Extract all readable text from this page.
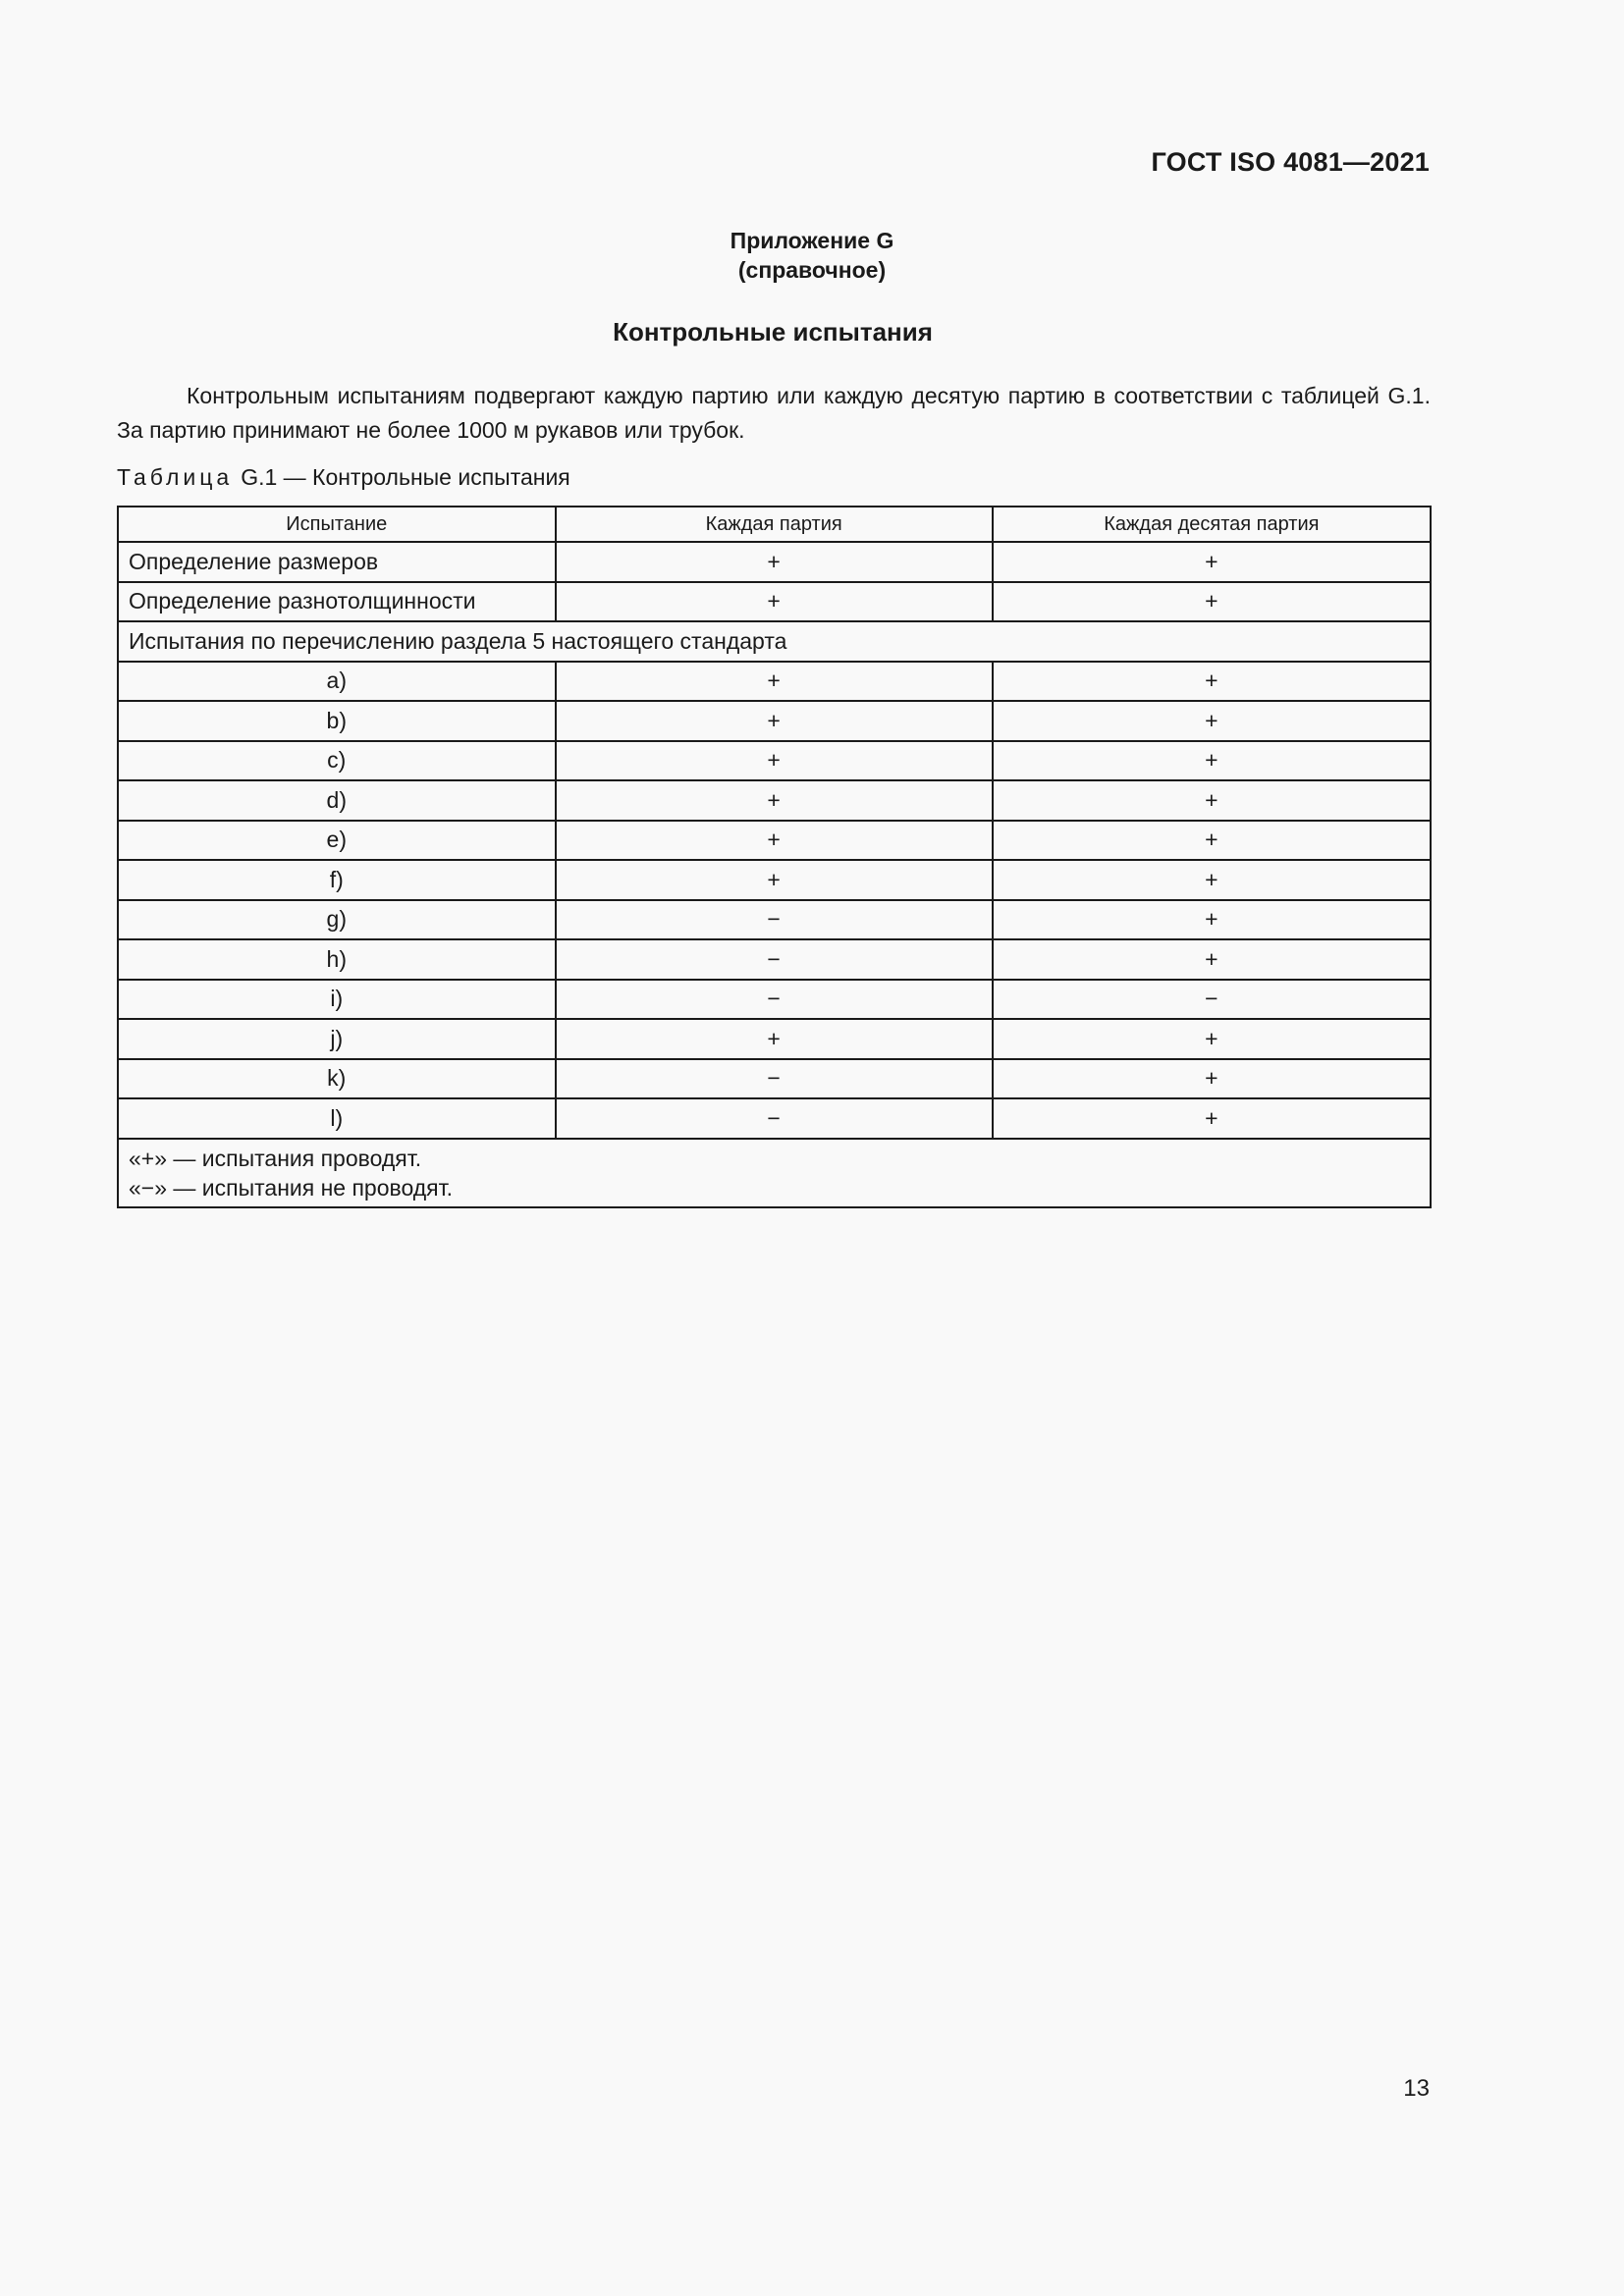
ГОСТ ISO 4081—2021
Приложение G
(справочное)
Контрольные испытания
Контрольным испытаниям подвергают каждую партию или каждую десятую партию в соответствии с таблицей G.1. За партию принимают не более 1000 м рукавов или трубок.
Таблица G.1 — Контрольные испытания
Испытание	Каждая партия	Каждая десятая партия
Определение размеров	+	+
Определение разнотолщинности	+	+
Испытания по перечислению раздела 5 настоящего стандарта		
a)	+	+
b)	+	+
c)	+	+
d)	+	+
e)	+	+
f)	+	+
g)	−	+
h)	−	+
i)	−	−
j)	+	+
k)	−	+
l)	−	+

«+» — испытания проводят.
«−» — испытания не проводят.		
13
